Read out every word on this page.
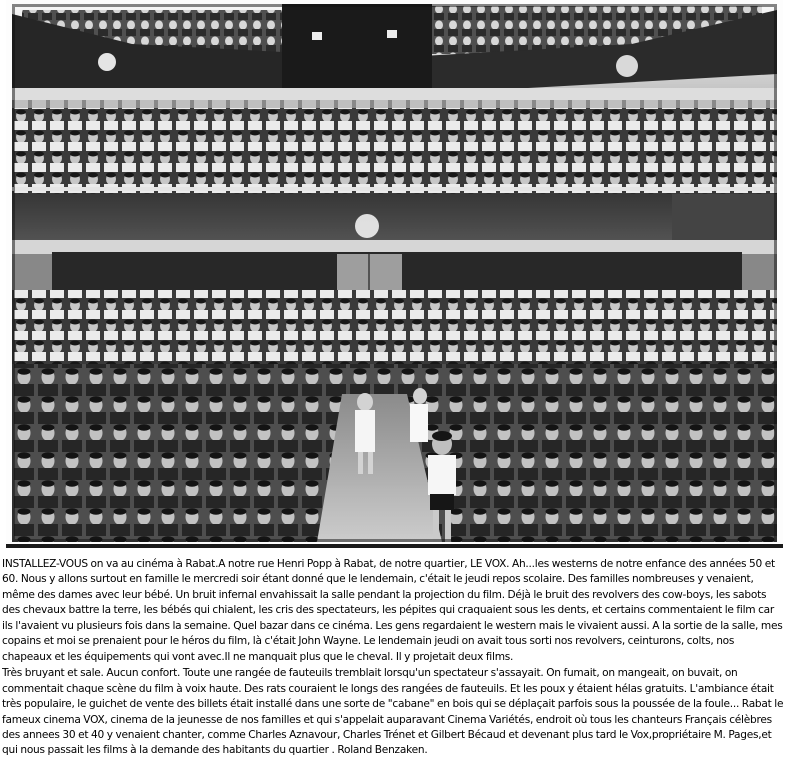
INSTALLEZ-VOUS on va au cinéma à Rabat.A notre rue Henri Popp à Rabat, de notre quartier, LE VOX. Ah...les westerns de notre enfance des années 50 et 60. Nous y allons surtout en famille le mercredi soir étant donné que le lendemain, c'était le jeudi repos scolaire. Des familles nombreuses y venaient, même des dames avec leur bébé. Un bruit infernal envahissait la salle pendant la projection du film. Déjà le bruit des revolvers des cow-boys, les sabots des chevaux battre la terre, les bébés qui chialent, les cris des spectateurs, les pépites qui craquaient sous les dents, et certains commentaient le film car ils l'avaient vu plusieurs fois dans la semaine. Quel bazar dans ce cinéma. Les gens regardaient le western mais le vivaient aussi. A la sortie de la salle, mes copains et moi se prenaient pour le héros du film, là c'était John Wayne. Le lendemain jeudi on avait tous sorti nos revolvers, ceinturons, colts, nos chapeaux et les équipements qui vont avec.Il ne manquait plus que le cheval. Il y projetait deux films.

Très bruyant et sale. Aucun confort. Toute une rangée de fauteuils tremblait lorsqu'un spectateur s'assayait. On fumait, on mangeait, on buvait, on commentait chaque scène du film à voix haute. Des rats couraient le longs des rangées de fauteuils. Et les poux y étaient hélas gratuits. L'ambiance était très populaire, le guichet de vente des billets était installé dans une sorte de "cabane" en bois qui se déplaçait parfois sous la poussée de la foule... Rabat le fameux cinema VOX, cinema de la jeunesse de nos familles et qui s'appelait auparavant Cinema Variétés, endroit où tous les chanteurs Français célèbres des annees 30 et 40 y venaient chanter, comme Charles Aznavour, Charles Trénet et Gilbert Bécaud et devenant plus tard le Vox,propriétaire M. Pages,et qui nous passait les films à la demande des habitants du quartier . Roland Benzaken.
